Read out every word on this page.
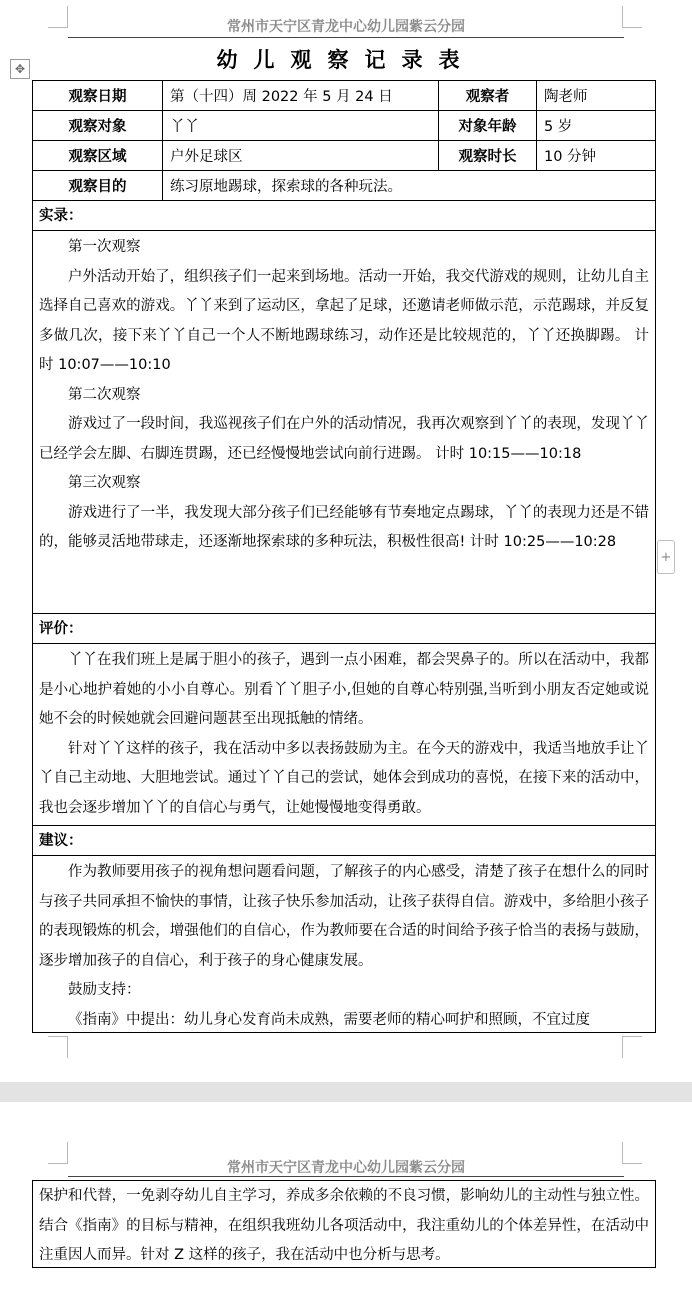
常州市天宁区青龙中心幼儿园紫云分园
幼儿观察记录表
✥
+
观察日期	第（十四）周 2022 年 5 月 24 日	观察者	陶老师
观察对象	丫丫	对象年龄	5 岁
观察区域	户外足球区	观察时长	10 分钟
观察目的	练习原地踢球，探索球的各种玩法。
实录：
第一次观察
户外活动开始了，组织孩子们一起来到场地。活动一开始，我交代游戏的规则，让幼儿自主选择自己喜欢的游戏。丫丫来到了运动区，拿起了足球，还邀请老师做示范，示范踢球，并反复多做几次，接下来丫丫自己一个人不断地踢球练习，动作还是比较规范的，丫丫还换脚踢。 计时 10:07——10:10
第二次观察
游戏过了一段时间，我巡视孩子们在户外的活动情况，我再次观察到丫丫的表现，发现丫丫已经学会左脚、右脚连贯踢，还已经慢慢地尝试向前行进踢。 计时 10:15——10:18
第三次观察
游戏进行了一半，我发现大部分孩子们已经能够有节奏地定点踢球，丫丫的表现力还是不错的，能够灵活地带球走，还逐渐地探索球的多种玩法，积极性很高! 计时 10:25——10:28
评价：
丫丫在我们班上是属于胆小的孩子，遇到一点小困难，都会哭鼻子的。所以在活动中，我都是小心地护着她的小小自尊心。别看丫丫胆子小,但她的自尊心特别强,当听到小朋友否定她或说她不会的时候她就会回避问题甚至出现抵触的情绪。
针对丫丫这样的孩子，我在活动中多以表扬鼓励为主。在今天的游戏中，我适当地放手让丫丫自己主动地、大胆地尝试。通过丫丫自己的尝试，她体会到成功的喜悦，在接下来的活动中，我也会逐步增加丫丫的自信心与勇气，让她慢慢地变得勇敢。
建议：
作为教师要用孩子的视角想问题看问题，了解孩子的内心感受，清楚了孩子在想什么的同时与孩子共同承担不愉快的事情，让孩子快乐参加活动，让孩子获得自信。游戏中，多给胆小孩子的表现锻炼的机会，增强他们的自信心，作为教师要在合适的时间给予孩子恰当的表扬与鼓励，逐步增加孩子的自信心，利于孩子的身心健康发展。
鼓励支持：
《指南》中提出：幼儿身心发育尚未成熟，需要老师的精心呵护和照顾，不宜过度
常州市天宁区青龙中心幼儿园紫云分园
保护和代替，一免剥夺幼儿自主学习，养成多余依赖的不良习惯，影响幼儿的主动性与独立性。结合《指南》的目标与精神，在组织我班幼儿各项活动中，我注重幼儿的个体差异性，在活动中注重因人而异。针对 Z 这样的孩子，我在活动中也分析与思考。
